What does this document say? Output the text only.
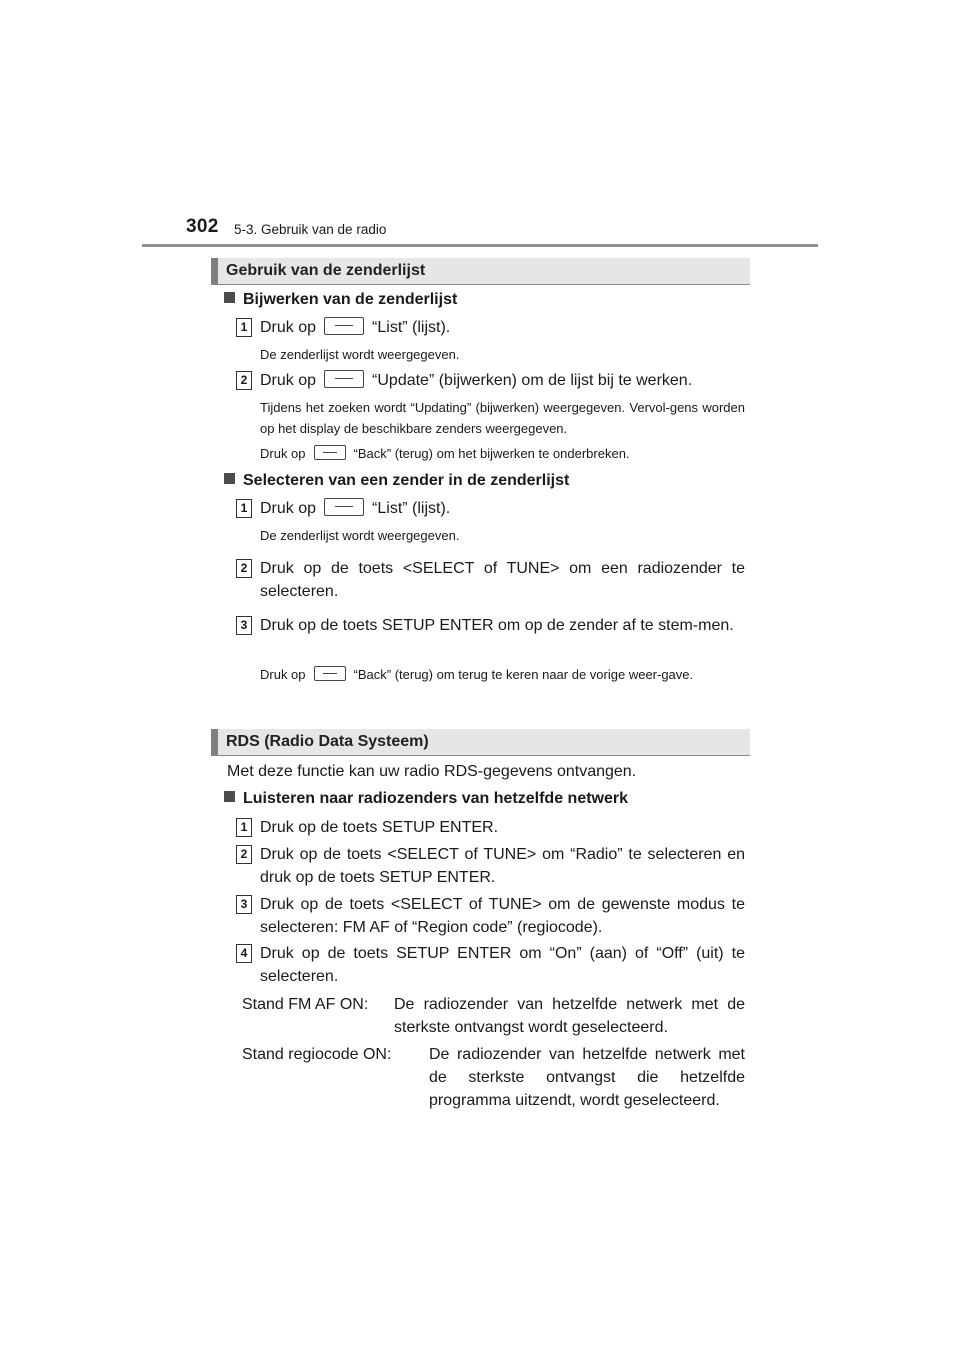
302 5-3. Gebruik van de radio
Gebruik van de zenderlijst
Bijwerken van de zenderlijst
1 Druk op	“List” (lijst).
De zenderlijst wordt weergegeven.
2 Druk op	“Update” (bijwerken) om de lijst bij te werken.
Tijdens het zoeken wordt “Updating” (bijwerken) weergegeven. Vervol-gens worden op het display de beschikbare zenders weergegeven.
Druk op	“Back” (terug) om het bijwerken te onderbreken.
Selecteren van een zender in de zenderlijst
1 Druk op	“List” (lijst).
De zenderlijst wordt weergegeven.
2 Druk op de toets <SELECT of TUNE> om een radiozender te selecteren.
3 Druk op de toets SETUP ENTER om op de zender af te stem-men.
Druk op	“Back” (terug) om terug te keren naar de vorige weer-gave.
RDS (Radio Data Systeem)
Met deze functie kan uw radio RDS-gegevens ontvangen.
Luisteren naar radiozenders van hetzelfde netwerk
1 Druk op de toets SETUP ENTER.
2 Druk op de toets <SELECT of TUNE> om “Radio” te selecteren en druk op de toets SETUP ENTER.
3 Druk op de toets <SELECT of TUNE> om de gewenste modus te selecteren: FM AF of “Region code” (regiocode).
4 Druk op de toets SETUP ENTER om “On” (aan) of “Off” (uit) te selecteren.
Stand FM AF ON: De radiozender van hetzelfde netwerk met de sterkste ontvangst wordt geselecteerd.
Stand regiocode ON: De radiozender van hetzelfde netwerk met de sterkste ontvangst die hetzelfde programma uitzendt, wordt geselecteerd.
